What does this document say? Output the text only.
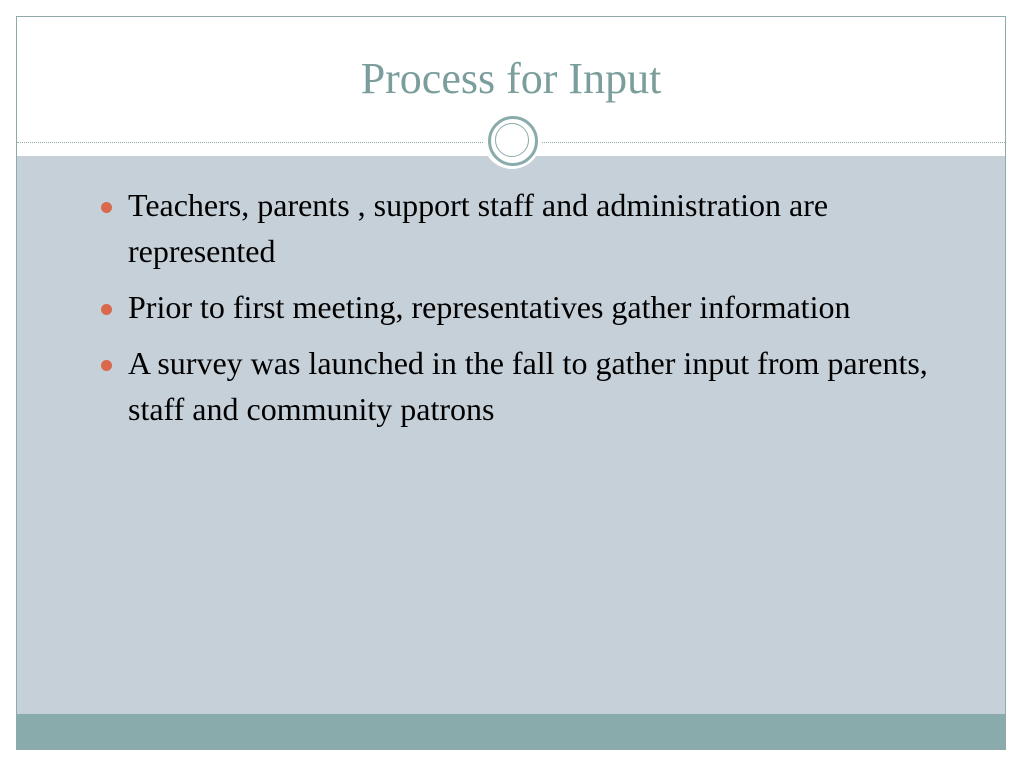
Process for Input
Teachers, parents , support staff and administration are represented
Prior to first meeting, representatives gather information
A survey was launched in the fall to gather input from parents, staff and community patrons
